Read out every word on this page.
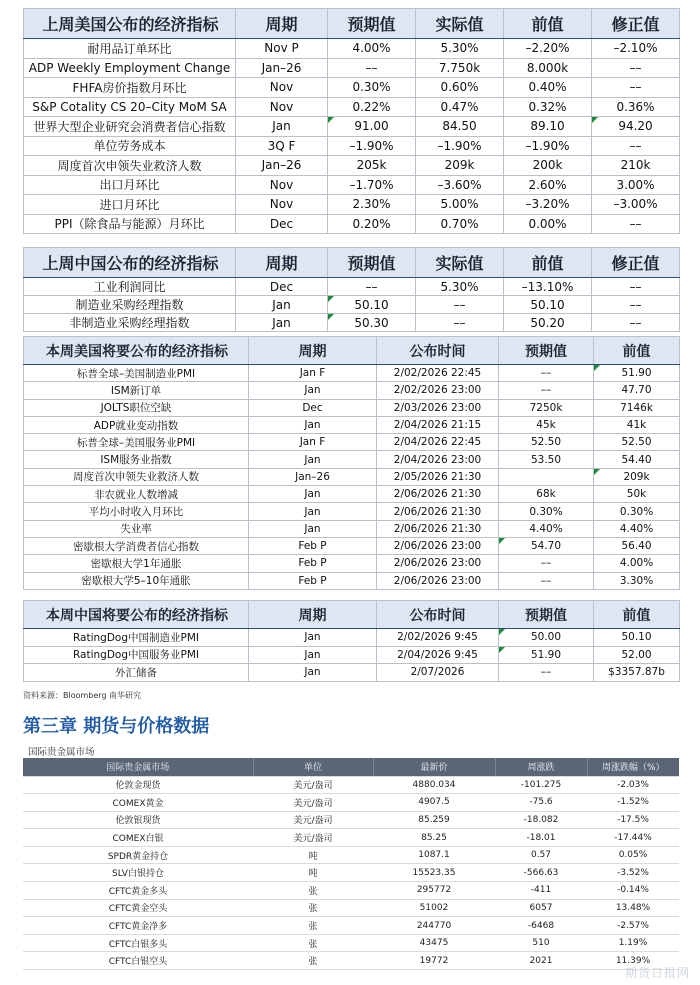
上周美国公布的经济指标	周期	预期值	实际值	前值	修正值
耐用品订单环比	Nov P	4.00%	5.30%	–2.20%	–2.10%
ADP Weekly Employment Change	Jan–26	––	7.750k	8.000k	––
FHFA房价指数月环比	Nov	0.30%	0.60%	0.40%	––
S&P Cotality CS 20–City MoM SA	Nov	0.22%	0.47%	0.32%	0.36%
世界大型企业研究会消费者信心指数	Jan	91.00	84.50	89.10	94.20
单位劳务成本	3Q F	–1.90%	–1.90%	–1.90%	––
周度首次申领失业救济人数	Jan–26	205k	209k	200k	210k
出口月环比	Nov	–1.70%	–3.60%	2.60%	3.00%
进口月环比	Nov	2.30%	5.00%	–3.20%	–3.00%
PPI（除食品与能源）月环比	Dec	0.20%	0.70%	0.00%	––
上周中国公布的经济指标	周期	预期值	实际值	前值	修正值
工业利润同比	Dec	––	5.30%	–13.10%	––
制造业采购经理指数	Jan	50.10	––	50.10	––
非制造业采购经理指数	Jan	50.30	––	50.20	––
本周美国将要公布的经济指标	周期	公布时间	预期值	前值
标普全球–美国制造业PMI	Jan F	2/02/2026 22:45	––	51.90
ISM新订单	Jan	2/02/2026 23:00	––	47.70
JOLTS职位空缺	Dec	2/03/2026 23:00	7250k	7146k
ADP就业变动指数	Jan	2/04/2026 21:15	45k	41k
标普全球–美国服务业PMI	Jan F	2/04/2026 22:45	52.50	52.50
ISM服务业指数	Jan	2/04/2026 23:00	53.50	54.40
周度首次申领失业救济人数	Jan–26	2/05/2026 21:30		209k
非农就业人数增减	Jan	2/06/2026 21:30	68k	50k
平均小时收入月环比	Jan	2/06/2026 21:30	0.30%	0.30%
失业率	Jan	2/06/2026 21:30	4.40%	4.40%
密歇根大学消费者信心指数	Feb P	2/06/2026 23:00	54.70	56.40
密歇根大学1年通胀	Feb P	2/06/2026 23:00	––	4.00%
密歇根大学5–10年通胀	Feb P	2/06/2026 23:00	––	3.30%
本周中国将要公布的经济指标	周期	公布时间	预期值	前值
RatingDog中国制造业PMI	Jan	2/02/2026 9:45	50.00	50.10
RatingDog中国服务业PMI	Jan	2/04/2026 9:45	51.90	52.00
外汇储备	Jan	2/07/2026	––	$3357.87b
资料来源：Bloomberg 南华研究
第三章 期货与价格数据
国际贵金属市场
国际贵金属市场	单位	最新价	周涨跌	周涨跌幅（%）
伦敦金现货	美元/盎司	4880.034	-101.275	-2.03%
COMEX黄金	美元/盎司	4907.5	-75.6	-1.52%
伦敦银现货	美元/盎司	85.259	-18.082	-17.5%
COMEX白银	美元/盎司	85.25	-18.01	-17.44%
SPDR黄金持仓	吨	1087.1	0.57	0.05%
SLV白银持仓	吨	15523.35	-566.63	-3.52%
CFTC黄金多头	张	295772	-411	-0.14%
CFTC黄金空头	张	51002	6057	13.48%
CFTC黄金净多	张	244770	-6468	-2.57%
CFTC白银多头	张	43475	510	1.19%
CFTC白银空头	张	19772	2021	11.39%
期货日报网
